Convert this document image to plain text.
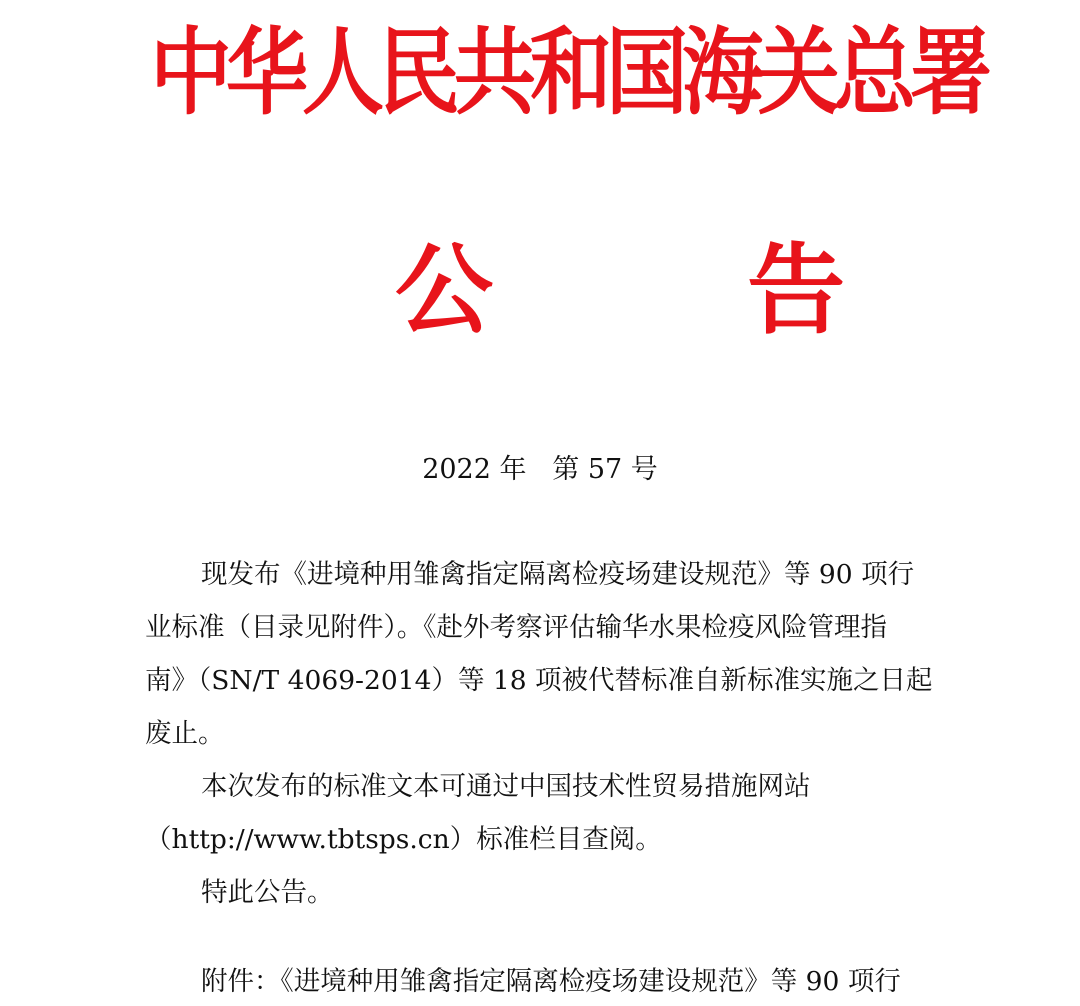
中华人民共和国海关总署
公 告
2022 年   第 57 号
现发布《进境种用雏禽指定隔离检疫场建设规范》等 90 项行
业标准（目录见附件）。《赴外考察评估输华水果检疫风险管理指
南》（SN/T 4069-2014）等 18 项被代替标准自新标准实施之日起
废止。
本次发布的标准文本可通过中国技术性贸易措施网站
（http://www.tbtsps.cn）标准栏目查阅。
特此公告。
附件：《进境种用雏禽指定隔离检疫场建设规范》等 90 项行
